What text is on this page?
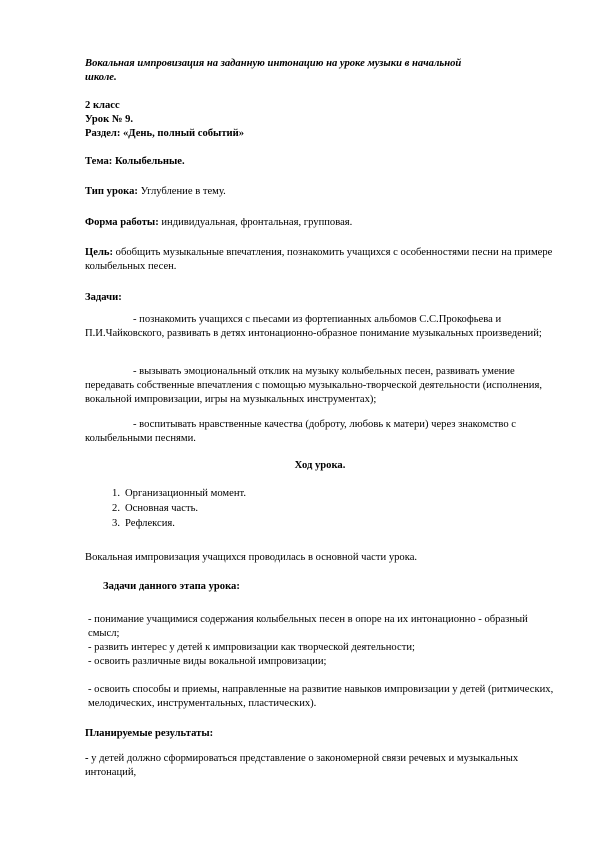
Вокальная импровизация на заданную интонацию на уроке музыки в начальной
школе.

2 класс
Урок № 9.
Раздел: «День, полный событий»

Тема: Колыбельные.

Тип урока: Углубление в тему.

Форма работы: индивидуальная, фронтальная, групповая.

Цель: обобщить музыкальные впечатления, познакомить учащихся с особенностями песни на примере колыбельных песен.

Задачи:

- познакомить учащихся с пьесами из фортепианных альбомов С.С.Прокофьева и П.И.Чайковского, развивать в детях интонационно-образное понимание музыкальных произведений;

- вызывать эмоциональный отклик на музыку колыбельных песен, развивать умение передавать собственные впечатления с помощью музыкально-творческой деятельности (исполнения, вокальной импровизации, игры на музыкальных инструментах);

- воспитывать нравственные качества (доброту, любовь к матери) через знакомство с колыбельными песнями.

Ход урока.

1. Организационный момент.
2. Основная часть.
3. Рефлексия.

Вокальная импровизация учащихся проводилась в основной части урока.

Задачи данного этапа урока:

- понимание учащимися содержания колыбельных песен в опоре на их интонационно - образный смысл;
- развить интерес у детей к импровизации как творческой деятельности;
- освоить различные виды вокальной импровизации;

- освоить способы и приемы, направленные на развитие навыков импровизации у детей (ритмических, мелодических, инструментальных, пластических).

Планируемые результаты:

- у детей должно сформироваться представление о закономерной связи речевых и музыкальных интонаций,
